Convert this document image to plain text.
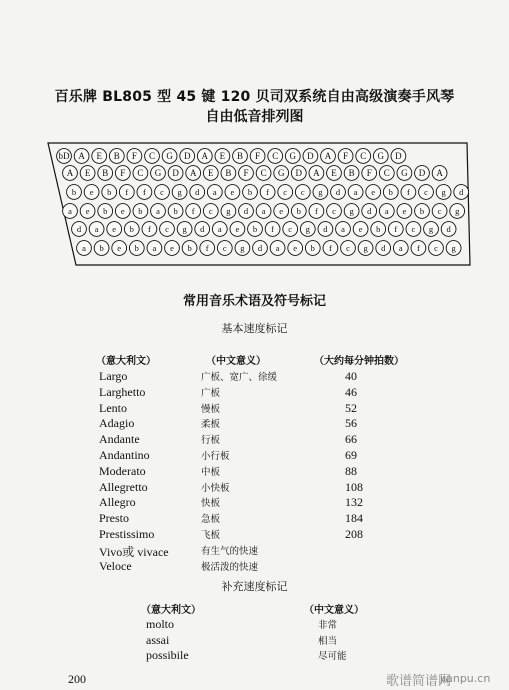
百乐牌 BL805 型 45 键 120 贝司双系统自由高级演奏手风琴
自由低音排列图
bD A E B F C G D A E B F C G D A F C G D
A E B F C G D A E B F C G D A E B F C G D A
b e b f f c g d a e b f c c g d a e b f c g d
a e b e b a b f c g d a e b f c g d a e b c g
d a e b f c g d a e b f c g d a e b f c g d
a b e b a e b f c g d a e b f c g d a f c g
常用音乐术语及符号标记
基本速度标记
（意大利文）	（中文意义）	（大约每分钟拍数）
Largo	广板、宽广、徐缓	40
Larghetto	广板	46
Lento	慢板	52
Adagio	柔板	56
Andante	行板	66
Andantino	小行板	69
Moderato	中板	88
Allegretto	小快板	108
Allegro	快板	132
Presto	急板	184
Prestissimo	飞板	208
Vivo或 vivace	有生气的快速
Veloce	极活泼的快速
补充速度标记
（意大利文）	（中文意义）
molto	非常
assai	相当
possibile	尽可能
200	歌谱简谱网
jianpu.cn
